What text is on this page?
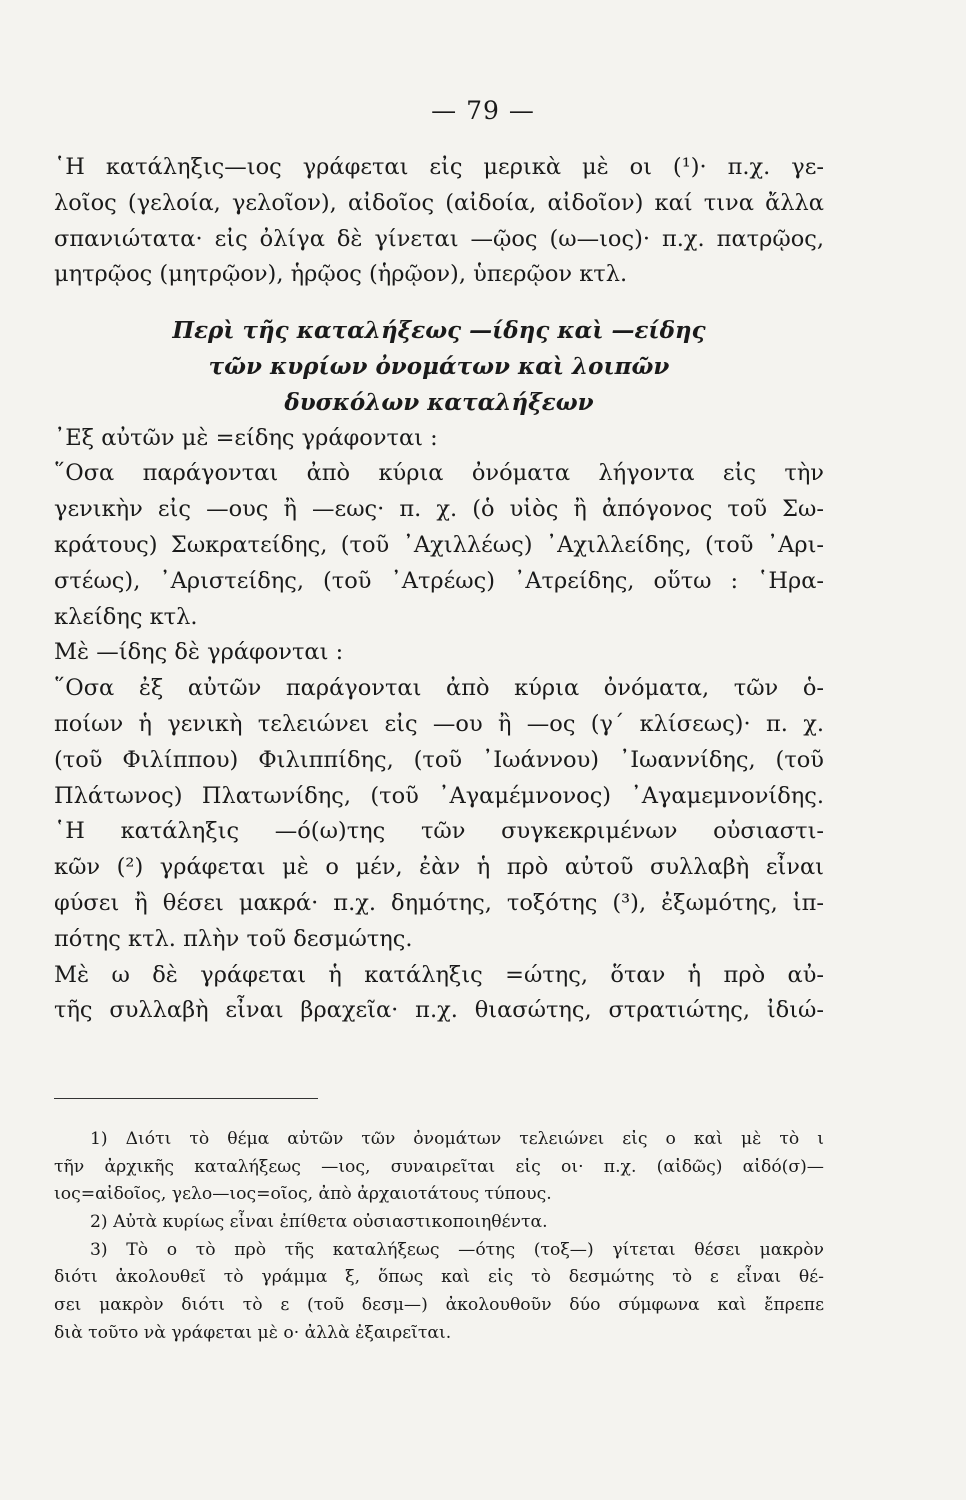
— 79 —
῾Η κατάληξις—ιος γράφεται εἰς μερικὰ μὲ οι (¹)· π.χ. γε-
λοῖος (γελοία, γελοῖον), αἰδοῖος (αἰδοία, αἰδοῖον) καί τινα ἄλλα
σπανιώτατα· εἰς ὀλίγα δὲ γίνεται —ῷος (ω—ιος)· π.χ. πατρῷος,
μητρῷος (μητρῷον), ἡρῷος (ἡρῷον), ὑπερῷον κτλ.
Περὶ τῆς καταλήξεως —ίδης καὶ —είδης
τῶν κυρίων ὀνομάτων καὶ λοιπῶν
δυσκόλων καταλήξεων
᾿Εξ αὐτῶν μὲ =είδης γράφονται :
῞Οσα παράγονται ἀπὸ κύρια ὀνόματα λήγοντα εἰς τὴν
γενικὴν εἰς —ους ἢ —εως· π. χ. (ὁ υἱὸς ἢ ἀπόγονος τοῦ Σω-
κράτους) Σωκρατείδης, (τοῦ ᾿Αχιλλέως) ᾿Αχιλλείδης, (τοῦ ᾿Αρι-
στέως), ᾿Αριστείδης, (τοῦ ᾿Ατρέως) ᾿Ατρείδης, οὕτω : ῾Ηρα-
κλείδης κτλ.
Μὲ —ίδης δὲ γράφονται :
῞Οσα ἐξ αὐτῶν παράγονται ἀπὸ κύρια ὀνόματα, τῶν ὁ-
ποίων ἡ γενικὴ τελειώνει εἰς —ου ἢ —ος (γ΄ κλίσεως)· π. χ.
(τοῦ Φιλίππου) Φιλιππίδης, (τοῦ ᾿Ιωάννου) ᾿Ιωαννίδης, (τοῦ
Πλάτωνος) Πλατωνίδης, (τοῦ ᾿Αγαμέμνονος) ᾿Αγαμεμνονίδης.
῾Η κατάληξις —ό(ω)της τῶν συγκεκριμένων οὐσιαστι-
κῶν (²) γράφεται μὲ ο μέν, ἐὰν ἡ πρὸ αὐτοῦ συλλαβὴ εἶναι
φύσει ἢ θέσει μακρά· π.χ. δημότης, τοξότης (³), ἐξωμότης, ἱπ-
πότης κτλ. πλὴν τοῦ δεσμώτης.
Μὲ ω δὲ γράφεται ἡ κατάληξις =ώτης, ὅταν ἡ πρὸ αὐ-
τῆς συλλαβὴ εἶναι βραχεῖα· π.χ. θιασώτης, στρατιώτης, ἰδιώ-
1) Διότι τὸ θέμα αὐτῶν τῶν ὀνομάτων τελειώνει εἰς ο καὶ μὲ τὸ ι
τῆν ἀρχικῆς καταλήξεως —ιος, συναιρεῖται εἰς οι· π.χ. (αἰδῶς) αἰδό(σ)—
ιος=αἰδοῖος, γελο—ιος=οῖος, ἀπὸ ἀρχαιοτάτους τύπους.
2) Αὐτὰ κυρίως εἶναι ἐπίθετα οὐσιαστικοποιηθέντα.
3) Τὸ ο τὸ πρὸ τῆς καταλήξεως —ότης (τοξ—) γίτεται θέσει μακρὸν
διότι ἀκολουθεῖ τὸ γράμμα ξ, ὅπως καὶ εἰς τὸ δεσμώτης τὸ ε εἶναι θέ-
σει μακρὸν διότι τὸ ε (τοῦ δεσμ—) ἀκολουθοῦν δύο σύμφωνα καὶ ἔπρεπε
διὰ τοῦτο νὰ γράφεται μὲ ο· ἀλλὰ ἐξαιρεῖται.
